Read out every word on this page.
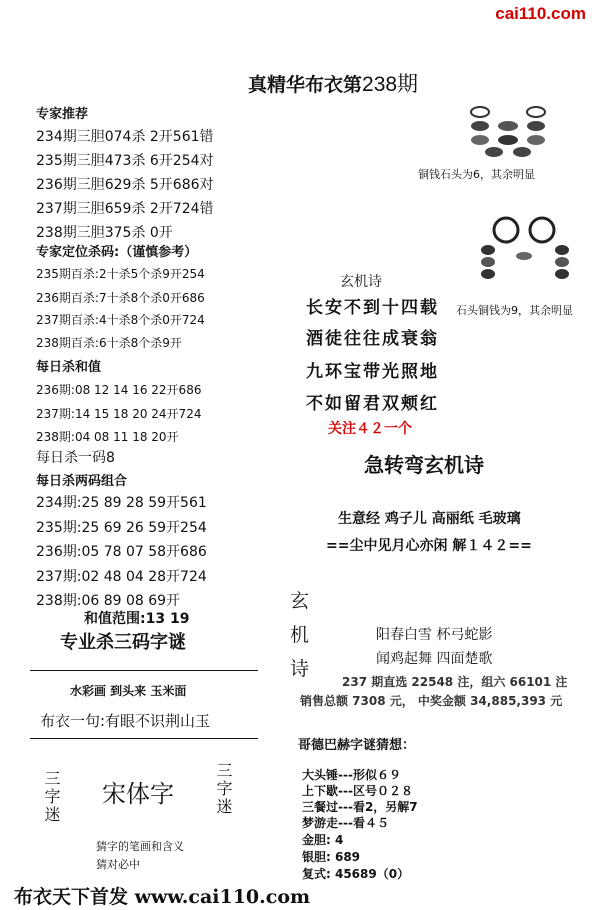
cai110.com
真精华布衣第238期
专家推荐
234期三胆074杀 2开561错
235期三胆473杀 6开254对
236期三胆629杀 5开686对
237期三胆659杀 2开724错
238期三胆375杀 0开
专家定位杀码:（谨慎参考）
235期百杀:2十杀5个杀9开254
236期百杀:7十杀8个杀0开686
237期百杀:4十杀8个杀0开724
238期百杀:6十杀8个杀9开
每日杀和值
236期:08 12 14 16 22开686
237期:14 15 18 20 24开724
238期:04 08 11 18 20开
每日杀一码8
每日杀两码组合
234期:25 89 28 59开561
235期:25 69 26 59开254
236期:05 78 07 58开686
237期:02 48 04 28开724
238期:06 89 08 69开
和值范围:13 19
专业杀三码字谜
水彩画 到头来 玉米面
布衣一句:有眼不识荆山玉
三字迷 宋体字	三字迷
猜字的笔画和含义
猜对必中
铜钱石头为6，其余明显
石头铜钱为9，其余明显
玄机诗
长安不到十四载
酒徒往往成衰翁
九环宝带光照地
不如留君双颊红
关注４２一个
急转弯玄机诗
生意经 鸡子儿 高丽纸 毛玻璃
==尘中见月心亦闲 解１４２==
玄
机
诗
阳春白雪 杯弓蛇影
闻鸡起舞 四面楚歌
237 期直选 22548 注，组六 66101 注
销售总额 7308 元， 中奖金额 34,885,393 元
哥德巴赫字谜猜想：
大头锤---形似６９
上下歇---区号０２８
三餐过---看2，另解7
梦游走---看４５
金胆: 4
银胆: 689
复式: 45689（0）
布衣天下首发 www.cai110.com
